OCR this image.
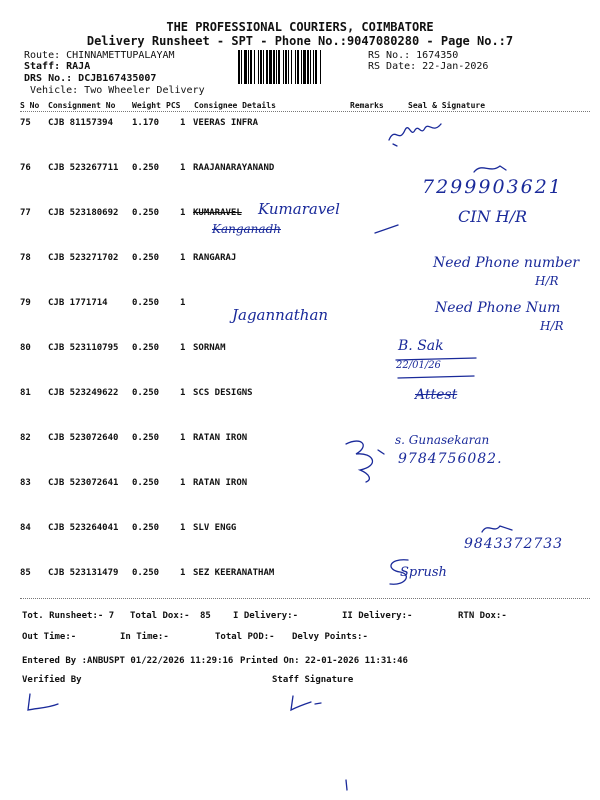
THE PROFESSIONAL COURIERS, COIMBATORE
Delivery Runsheet - SPT - Phone No.:9047080280 - Page No.:7
Route: CHINNAMETTUPALAYAM
Staff: RAJA
DRS No.: DCJB167435007
Vehicle: Two Wheeler Delivery
RS No.: 1674350
RS Date: 22-Jan-2026
S No Consignment No Weight PCS Consignee Details	Remarks	Seal & Signature
75 CJB 81157394 1.170 1 VEERAS INFRA
76 CJB 523267711 0.250 1 RAAJANARAYANAND
77 CJB 523180692 0.250 1 KUMARAVEL
78 CJB 523271702 0.250 1 RANGARAJ
79 CJB 1771714	0.250 1
80 CJB 523110795 0.250 1 SORNAM
81 CJB 523249622 0.250 1 SCS DESIGNS
82 CJB 523072640 0.250 1 RATAN IRON
83 CJB 523072641 0.250 1 RATAN IRON
84 CJB 523264041 0.250 1 SLV ENGG
85 CJB 523131479 0.250 1 SEZ KEERANATHAM
7299903621
CIN H/R
Kumaravel
Kanganadh
Need Phone number
H/R
Jagannathan	Need Phone Num
H/R
B. Sak
22/01/26
Attest
s. Gunasekaran
9784756082.
9843372733
Sprush
Tot. Runsheet:- 7 Total Dox:- 85 I Delivery:-	II Delivery:-	RTN Dox:-
Out Time:-	In Time:-	Total POD:- Delvy Points:-
Entered By :ANBUSPT 01/22/2026 11:29:16 Printed On: 22-01-2026 11:31:46
Verified By	Staff Signature
